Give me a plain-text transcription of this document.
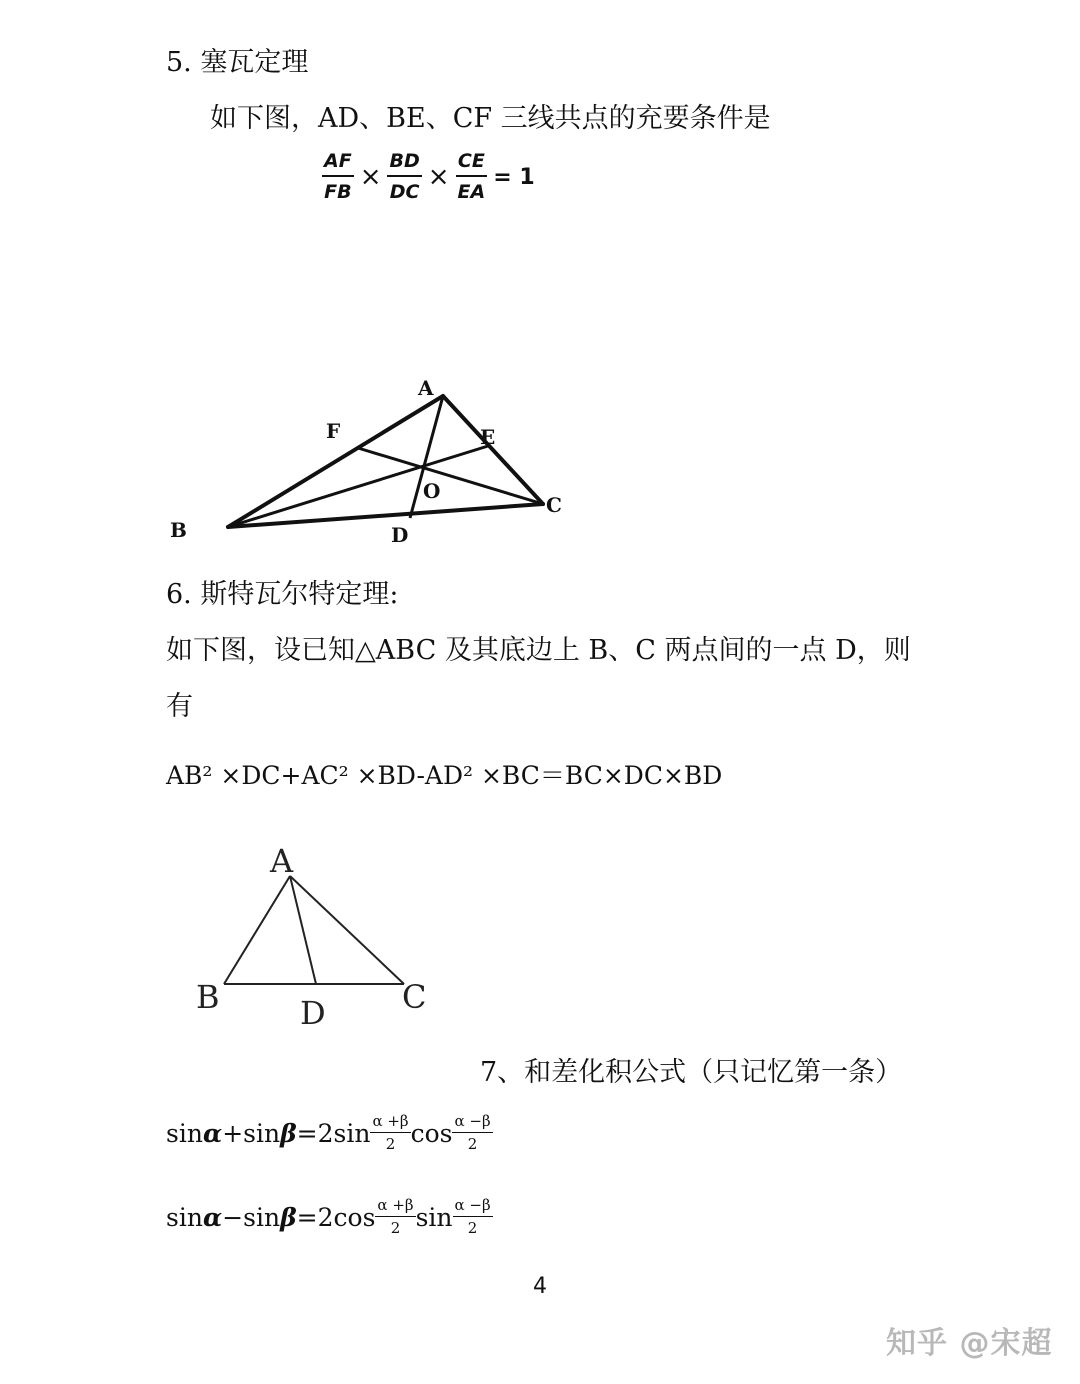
5. 塞瓦定理
如下图，AD、BE、CF 三线共点的充要条件是
$\frac{AF}{FB} \times \frac{BD}{DC} \times \frac{CE}{EA} = 1$
A
B
C
D
E
F
O
6. 斯特瓦尔特定理:
如下图，设已知△ABC 及其底边上 B、C 两点间的一点 D，则
有
AB² ×DC+AC² ×BD-AD² ×BC＝BC×DC×BD
A
B	C
D
7、和差化积公式（只记忆第一条）
sin α +sin $\beta =2\sin \frac{\alpha +\beta}{2}$ $\cos \frac{\alpha -\beta}{2}$
sin α −sin $\beta =2\cos \frac{\alpha +\beta}{2}$ $\sin \frac{\alpha -\beta}{2}$
4
知乎 @宋超
